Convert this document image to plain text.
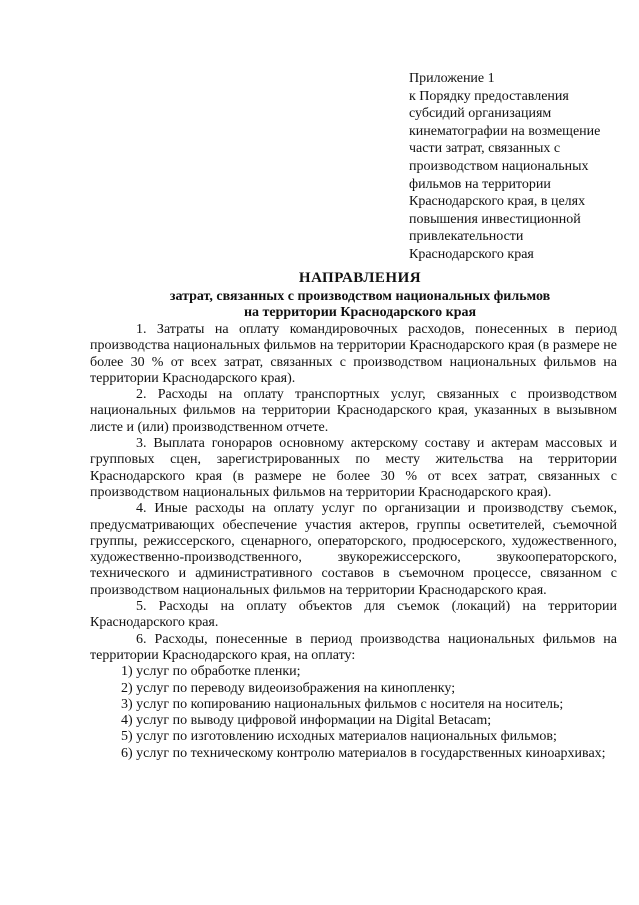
Приложение 1
к Порядку предоставления
субсидий организациям
кинематографии на возмещение
части затрат, связанных с
производством национальных
фильмов на территории
Краснодарского края, в целях
повышения инвестиционной
привлекательности
Краснодарского края
НАПРАВЛЕНИЯ
затрат, связанных с производством национальных фильмов
на территории Краснодарского края

1. Затраты на оплату командировочных расходов, понесенных в период производства национальных фильмов на территории Краснодарского края (в размере не более 30 % от всех затрат, связанных с производством национальных фильмов на территории Краснодарского края).

2. Расходы на оплату транспортных услуг, связанных с производством национальных фильмов на территории Краснодарского края, указанных в вызывном листе и (или) производственном отчете.

3. Выплата гонораров основному актерскому составу и актерам массовых и групповых сцен, зарегистрированных по месту жительства на территории Краснодарского края (в размере не более 30 % от всех затрат, связанных с производством национальных фильмов на территории Краснодарского края).

4. Иные расходы на оплату услуг по организации и производству съемок, предусматривающих обеспечение участия актеров, группы осветителей, съемочной группы, режиссерского, сценарного, операторского, продюсерского, художественного, художественно-производственного, звукорежиссерского, звукооператорского, технического и административного составов в съемочном процессе, связанном с производством национальных фильмов на территории Краснодарского края.

5. Расходы на оплату объектов для съемок (локаций) на территории Краснодарского края.

6. Расходы, понесенные в период производства национальных фильмов на территории Краснодарского края, на оплату:

1) услуг по обработке пленки;

2) услуг по переводу видеоизображения на кинопленку;

3) услуг по копированию национальных фильмов с носителя на носитель;

4) услуг по выводу цифровой информации на Digital Betacam;

5) услуг по изготовлению исходных материалов национальных фильмов;

6) услуг по техническому контролю материалов в государственных киноархивах;
